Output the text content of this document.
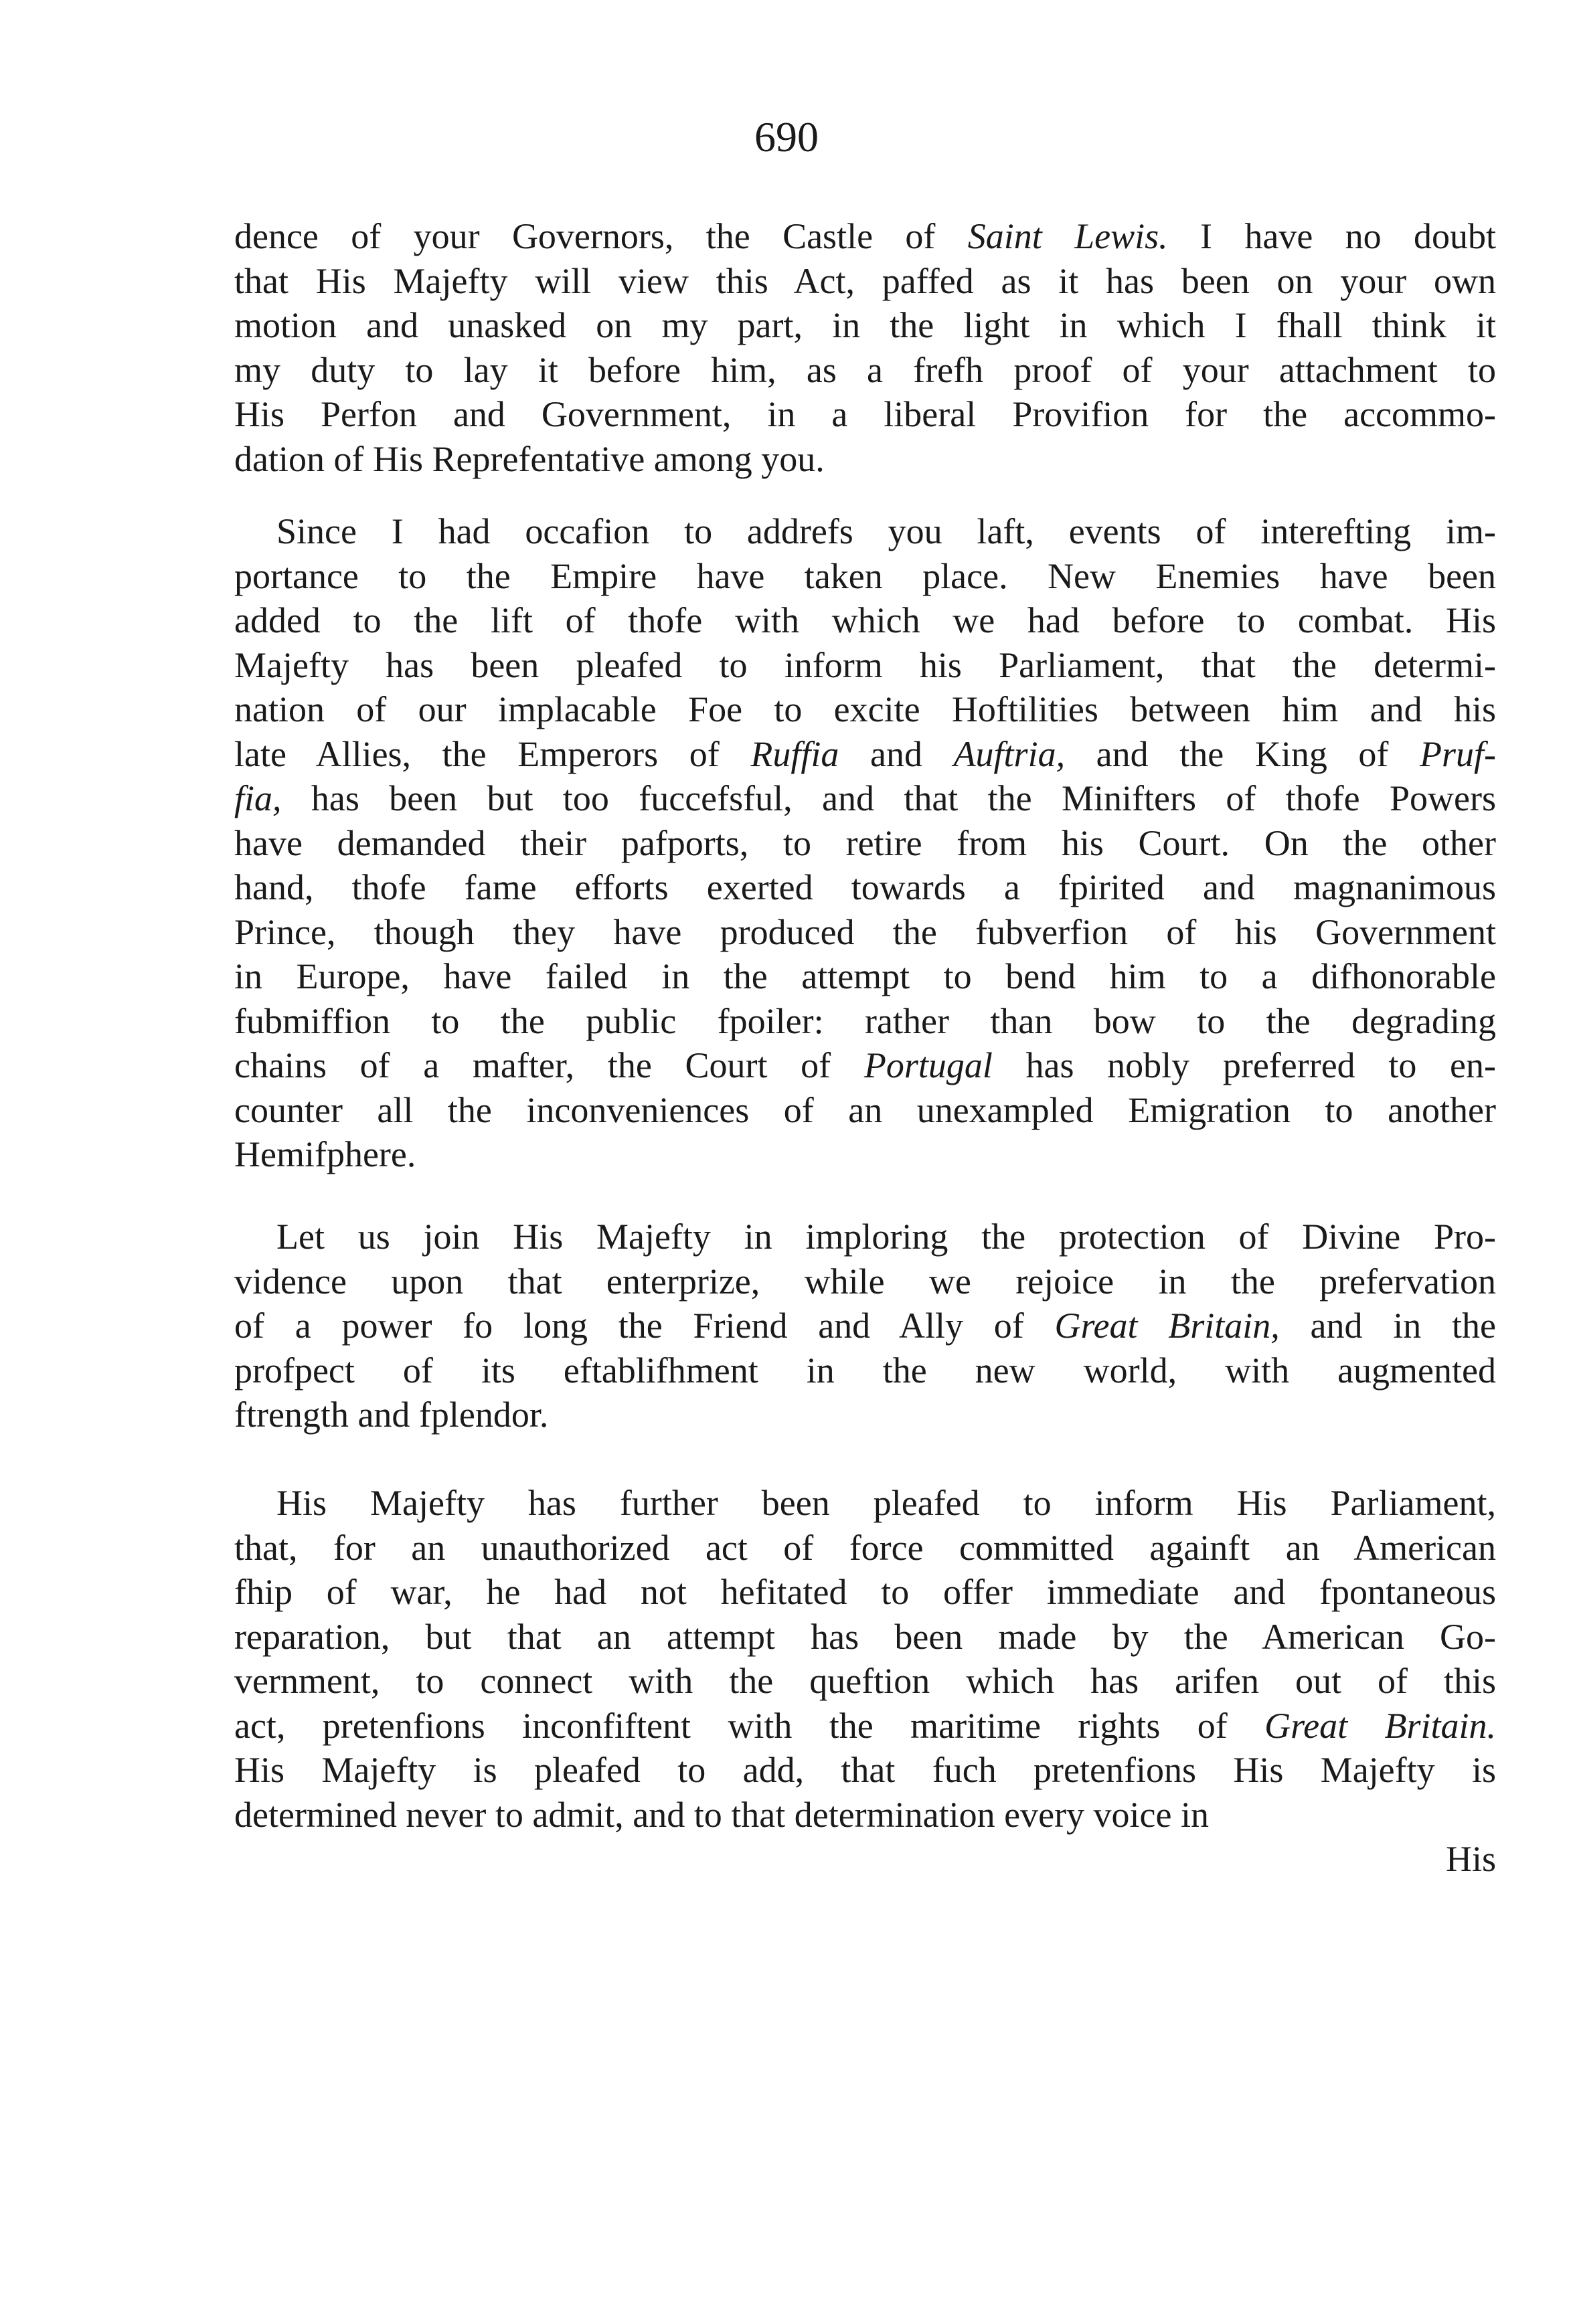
690
dence of your Governors, the Castle of Saint Lewis. I have no doubt
that His Majefty will view this Act, paffed as it has been on your own
motion and unasked on my part, in the light in which I fhall think it
my duty to lay it before him, as a frefh proof of your attachment to
His Perfon and Government, in a liberal Provifion for the accommo-
dation of His Reprefentative among you.
Since I had occafion to addrefs you laft, events of interefting im-
portance to the Empire have taken place. New Enemies have been
added to the lift of thofe with which we had before to combat. His
Majefty has been pleafed to inform his Parliament, that the determi-
nation of our implacable Foe to excite Hoftilities between him and his
late Allies, the Emperors of Ruffia and Auftria, and the King of Pruf-
fia, has been but too fuccefsful, and that the Minifters of thofe Powers
have demanded their pafports, to retire from his Court. On the other
hand, thofe fame efforts exerted towards a fpirited and magnanimous
Prince, though they have produced the fubverfion of his Government
in Europe, have failed in the attempt to bend him to a difhonorable
fubmiffion to the public fpoiler: rather than bow to the degrading
chains of a mafter, the Court of Portugal has nobly preferred to en-
counter all the inconveniences of an unexampled Emigration to another
Hemifphere.
Let us join His Majefty in imploring the protection of Divine Pro-
vidence upon that enterprize, while we rejoice in the prefervation
of a power fo long the Friend and Ally of Great Britain, and in the
profpect of its eftablifhment in the new world, with augmented
ftrength and fplendor.
His Majefty has further been pleafed to inform His Parliament,
that, for an unauthorized act of force committed againft an American
fhip of war, he had not hefitated to offer immediate and fpontaneous
reparation, but that an attempt has been made by the American Go-
vernment, to connect with the queftion which has arifen out of this
act, pretenfions inconfiftent with the maritime rights of Great Britain.
His Majefty is pleafed to add, that fuch pretenfions His Majefty is
determined never to admit, and to that determination every voice in
His
